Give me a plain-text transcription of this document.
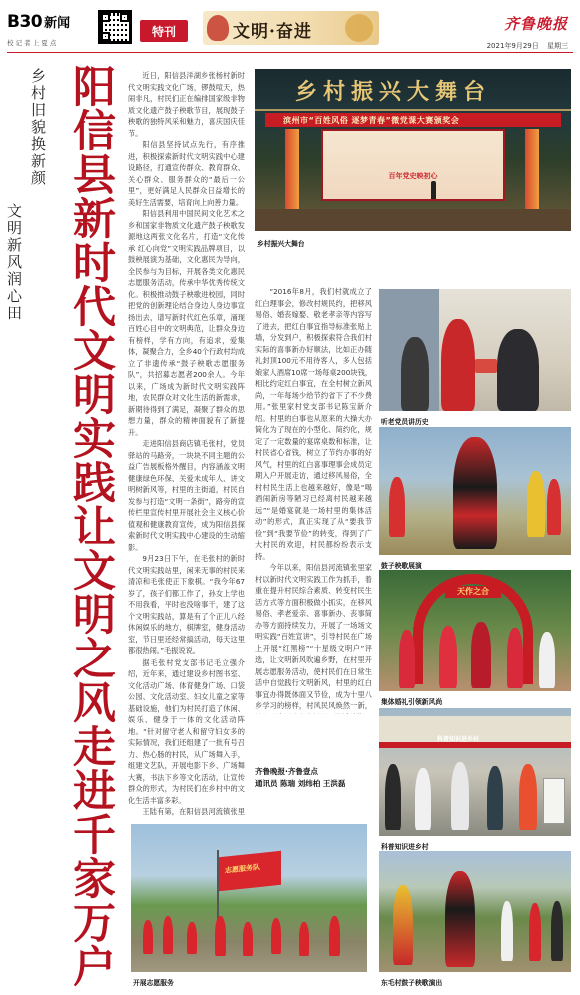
B30 新闻
校 记 者 上 夏 点
特刊	文明·奋进	齐鲁晚报
2021年9月29日 星期三
乡村旧貌换新颜
文明新风润心田 阳信县新时代文明实践让文明之风走进千家万户	近日，阳信县洋湖乡张杨村新时代文明实践文化广场，锣鼓喧天，热闹非凡，村民们正在编排国家级非物质文化遗产鼓子秧歌节目，展现鼓子秧歌的独特风采和魅力，喜庆国庆佳节。

阳信县坚持试点先行，有序推进，积极探索新时代文明实践中心建设路径，打通宣传群众、教育群众、关心群众、服务群众的“最后一公里”，更好满足人民群众日益增长的美好生活需要，培育向上向善力量。

阳信县利用中国民间文化艺术之乡和国家非物质文化遗产鼓子秧歌发源地这两张文化名片，打造“文化传承 红心向党”文明实践品牌项目，以鼓秧展演为基础，文化惠民为导向，全民参与为目标，开展各类文化惠民志愿服务活动，传承中华优秀传统文化。积极推动鼓子秧歌进校园，同时把党的创新理论结合身边人身边事宣扬出去，谱写新时代红色乐章，涌现百姓心目中的文明典范，让群众身边有榜样，学有方向，有追求，爱集体，凝聚合力，全乡40个行政村均成立了非遗传承“鼓子秧歌志愿服务队”，共招募志愿者200余人。今年以来，广场成为新时代文明实践阵地，农民群众对文化生活的新需求，新期待得到了满足，凝聚了群众的思想力量，群众的精神面貌有了新提升。

走进阳信县商店镇毛张村，党员驿站的马路旁，一块块不同主题的公益广告展板格外醒目，内容涵盖文明健康绿色环保、关爱未成年人、讲文明树新风等，村里的主街道，村民自发参与打造“文明一条街”，路旁的宣传栏里宣传村里开展社会主义核心价值观和健康教育宣传，成为阳信县探索新时代文明实践中心建设的生动缩影。

9月23日下午，在毛张村的新时代文明实践站里，闲来无事的村民来清凉和毛张使正下象棋。“我今年67岁了，孩子们都工作了，孙女上学也不用我看，平时也没啥事干，建了这个文明实践站，算是有了个正儿八经休闲娱乐的地方，棋牌室，健身活动室，节日里还经常搞活动，每天这里都很热闹。”毛振说说。

据毛张村党支部书记毛立强介绍，近年来，通过建设乡村图书室、文化活动广场、体育健身广场、口袋公园、文化活动室、妇女儿童之家等基础设施，他们为村民打造了休闲、娱乐、健身于一体的文化活动阵地。“针对留守老人和留守妇女多的实际情况，我们还组建了一批有号召力、热心肠的村民，从广场舞入手，组建文艺队，开展电影下乡、广场舞大赛，书法下乡等文化活动，让宣传群众的形式，为村民们在乡村中的文化生活丰富多彩。

王陆有第，在阳信县河流镇张里

“2016年8月，我们村就成立了红白理事会，修改村规民约，把移风易俗、婚丧嫁娶、敬老孝亲等内容写了进去，把红白事宜指导标准张贴上墙，分发到户，积极探索符合我们村实际的喜事新办好顺法，比如正办随礼封顶100元不用待客人，多人包括娘家人酒席10席一场每桌200块钱，相比约定红白事宜，在全村树立新风尚，一年每场少给节约省下了不少费用。”张里家村党支部书记陈宝新介绍。村里的白事也从原来的大操大办简化为了现在的小型化、简约化，规定了一定数量的宴席桌数和标准，让村民省心省钱，树立了节约办事的好风气，村里的红白喜事理事会成员定期入户开展走访，通过移风易俗，全村村民生活上也越来越好，像是“喝酒闹新房等陋习已经离村民越来越远”“是婚宴就是一场村里的集体活动”的形式，真正实现了从“要我节俭”到“我要节俭”的转变，得到了广大村民的欢迎，村民都纷纷表示支持。

今年以来，阳信县河流镇张里家村以新时代文明实践工作为抓手，着重在提升村民综合素质、转变村民生活方式等方面积极做小抓实，在移风易俗、孝老爱亲、喜事新办、丧事简办等方面持续发力，开展了一场场文明实践“百姓宣讲”，引导村民在广场上开展“红黑榜”“十星级文明户”评选，让文明新风吹遍乡野，在村里开展志愿服务活动，使村民们在日常生活中自觉践行文明新风，村里的红白事宜办得既体面又节俭，成为十里八乡学习的榜样，村风民风焕然一新，

齐鲁晚报·齐鲁壹点
通讯员 陈瑞 刘纬柏 王洪磊
乡村振兴大舞台
滨州市“百姓风俗 逐梦青春”微党课大赛颁奖会
百年党史映初心
乡村振兴大舞台
听老党员讲历史
鼓子秧歌展演
天作之合
集体婚礼引领新风尚
科普知识进乡村
科普知识进乡村
志愿服务队
开展志愿服务	东毛村鼓子秧歌演出
